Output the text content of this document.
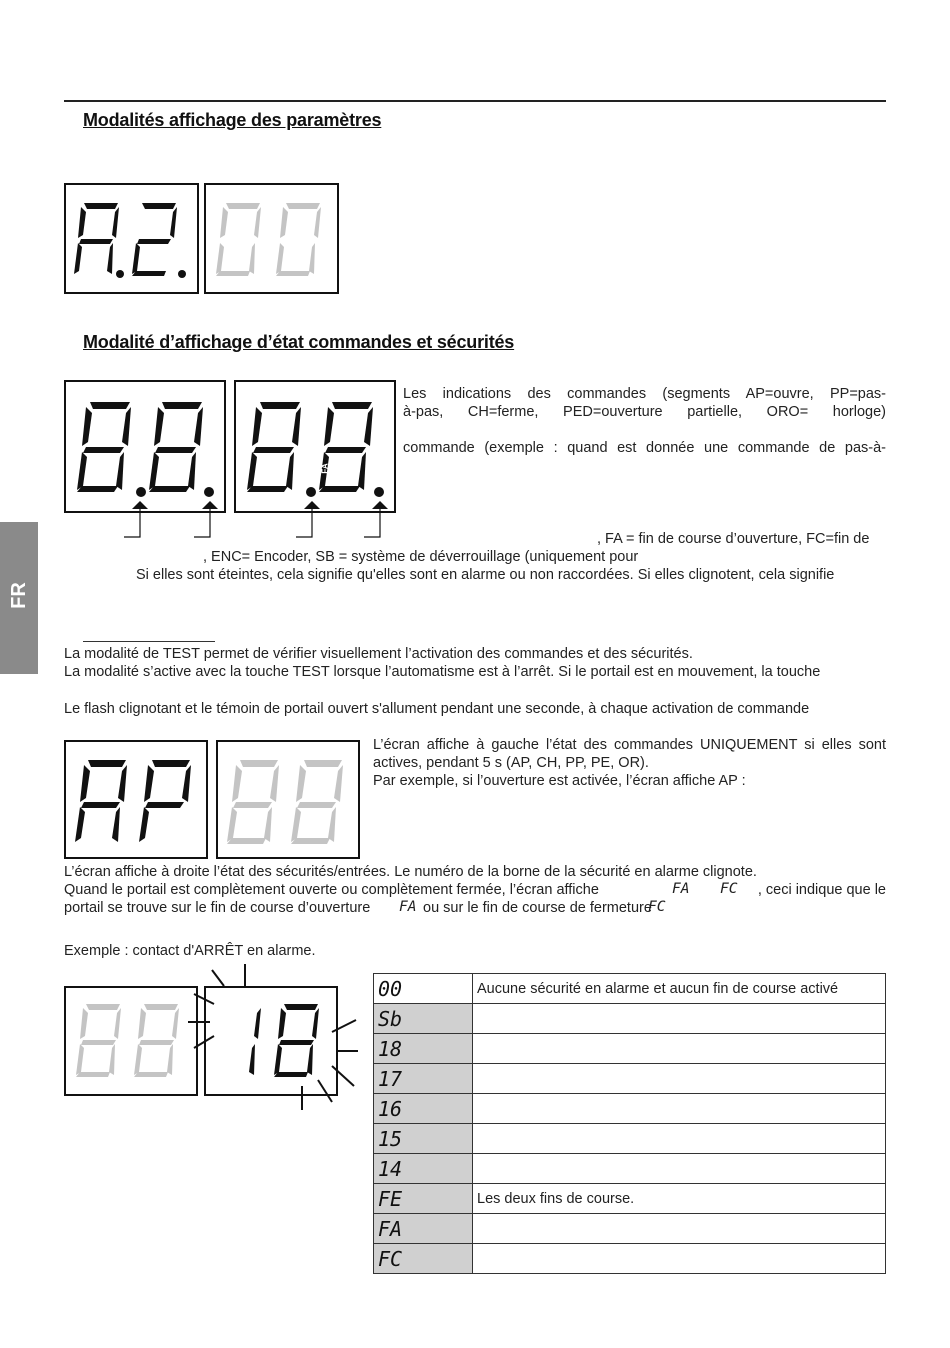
Modalités affichage des paramètres
Modalité d’affichage d’état commandes et sécurités
FA	FC
Les indications des commandes (segments AP=ouvre, PP=pas-
à-pas, CH=ferme, PED=ouverture partielle, ORO= horloge)
commande (exemple : quand est donnée une commande de pas-à-
, FA = fin de course d’ouverture, FC=fin de
, ENC= Encoder, SB = système de déverrouillage (uniquement pour
Si elles sont éteintes, cela signifie qu'elles sont en alarme ou non raccordées. Si elles clignotent, cela signifie
FR
La modalité de TEST permet de vérifier visuellement l’activation des commandes et des sécurités.
La modalité s’active avec la touche TEST lorsque l’automatisme est à l’arrêt. Si le portail est en mouvement, la touche
Le flash clignotant et le témoin de portail ouvert s'allument pendant une seconde, à chaque activation de commande
L’écran affiche à gauche l’état des commandes UNIQUEMENT si elles sont
actives, pendant 5 s (AP, CH, PP, PE, OR).
Par exemple, si l’ouverture est activée, l’écran affiche AP :
L’écran affiche à droite l’état des sécurités/entrées. Le numéro de la borne de la sécurité en alarme clignote.
Quand le portail est complètement ouverte ou complètement fermée, l’écran affiche	FA FC	, ceci indique que le
portail se trouve sur le fin de course d’ouverture FA ou sur le fin de course de fermeture
FC
Exemple : contact d'ARRÊT en alarme.
00	Aucune sécurité en alarme et aucun fin de course activé
Sb	
18	
17	
16	
15	
14	
FE	Les deux fins de course.
FA	
FC	
